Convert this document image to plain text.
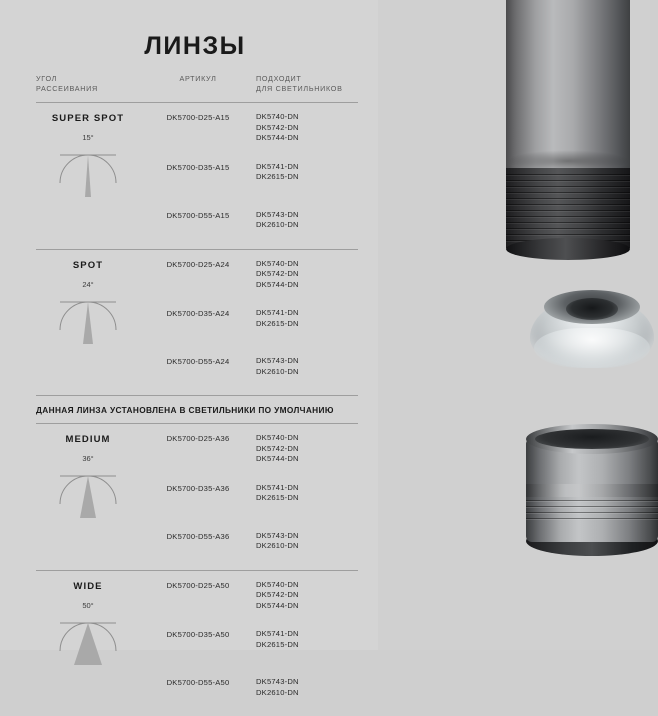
ЛИНЗЫ
УГОЛ
РАССЕИВАНИЯ
АРТИКУЛ	ПОДХОДИТ
ДЛЯ СВЕТИЛЬНИКОВ
SUPER SPOT
15°
DK5700-D25-A15	DK5740-DN
DK5742-DN
DK5744-DN
DK5700-D35-A15	DK5741-DN
DK2615-DN
DK5700-D55-A15	DK5743-DN
DK2610-DN
SPOT
24°
DK5700-D25-A24	DK5740-DN
DK5742-DN
DK5744-DN
DK5700-D35-A24	DK5741-DN
DK2615-DN
DK5700-D55-A24	DK5743-DN
DK2610-DN
ДАННАЯ ЛИНЗА УСТАНОВЛЕНА В СВЕТИЛЬНИКИ ПО УМОЛЧАНИЮ
MEDIUM
36°
DK5700-D25-A36	DK5740-DN
DK5742-DN
DK5744-DN
DK5700-D35-A36	DK5741-DN
DK2615-DN
DK5700-D55-A36	DK5743-DN
DK2610-DN
WIDE
50°
DK5700-D25-A50	DK5740-DN
DK5742-DN
DK5744-DN
DK5700-D35-A50	DK5741-DN
DK2615-DN
DK5700-D55-A50	DK5743-DN
DK2610-DN
